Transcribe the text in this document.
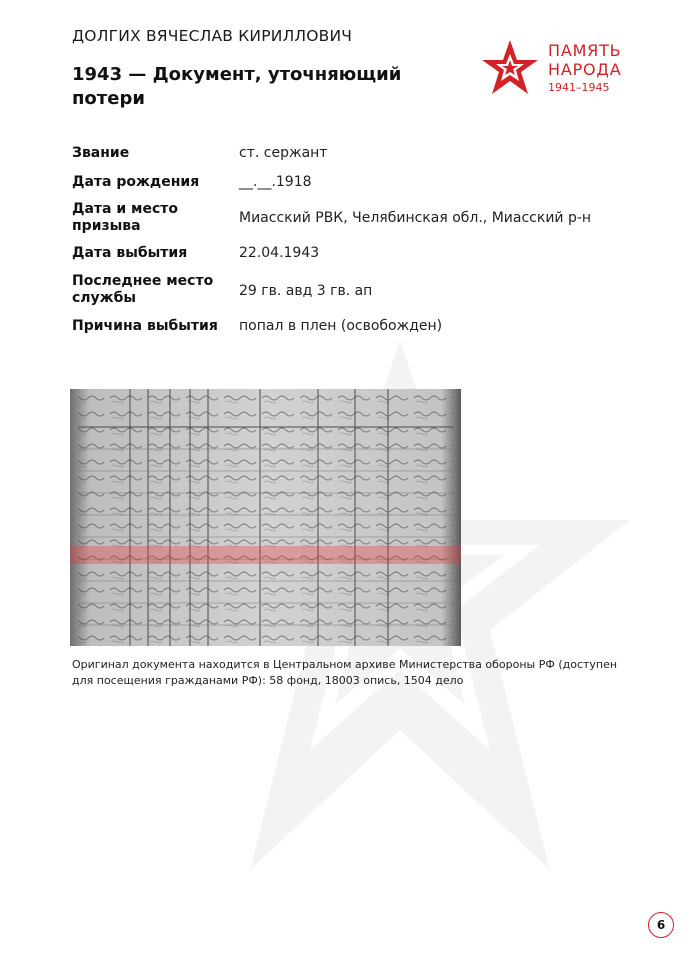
ДОЛГИХ ВЯЧЕСЛАВ КИРИЛЛОВИЧ
1943 — Документ, уточняющий потери
ПАМЯТЬ
НАРОДА
1941–1945
Звание	ст. сержант
Дата рождения	__.__.1918
Дата и место призыва	Миасский РВК, Челябинская обл., Миасский р-н
Дата выбытия	22.04.1943
Последнее место службы	29 гв. авд 3 гв. ап
Причина выбытия	попал в плен (освобожден)
Оригинал документа находится в Центральном архиве Министерства обороны РФ (доступен для посещения гражданами РФ): 58 фонд, 18003 опись, 1504 дело
6
